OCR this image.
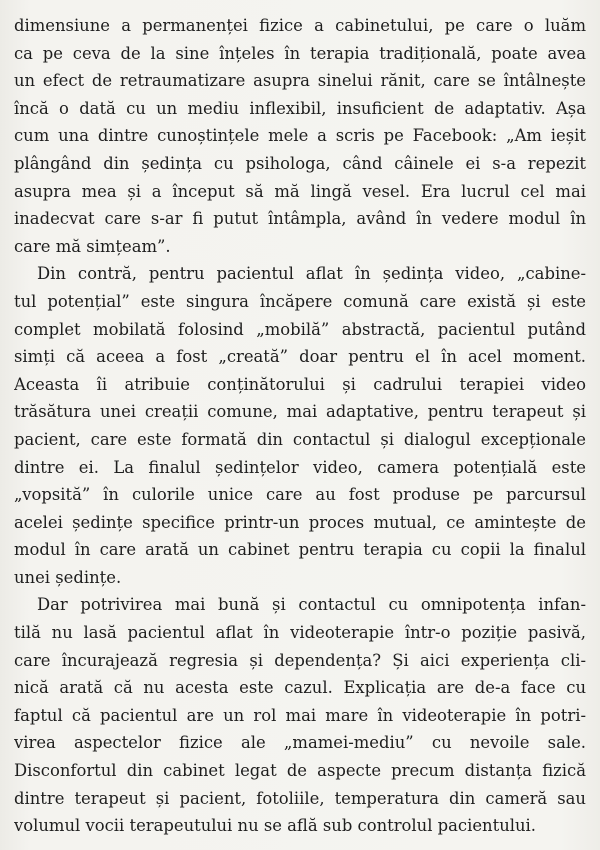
dimensiune a permanenței fizice a cabinetului, pe care o luăm
ca pe ceva de la sine înțeles în terapia tradițională, poate avea
un efect de retraumatizare asupra sinelui rănit, care se întâlnește
încă o dată cu un mediu inflexibil, insuficient de adaptativ. Așa
cum una dintre cunoștințele mele a scris pe Facebook: „Am ieșit
plângând din ședința cu psihologa, când câinele ei s-a repezit
asupra mea și a început să mă lingă vesel. Era lucrul cel mai
inadecvat care s-ar fi putut întâmpla, având în vedere modul în
care mă simțeam”.
Din contră, pentru pacientul aflat în ședința video, „cabine-
tul potențial” este singura încăpere comună care există și este
complet mobilată folosind „mobilă” abstractă, pacientul putând
simți că aceea a fost „creată” doar pentru el în acel moment.
Aceasta îi atribuie conținătorului și cadrului terapiei video
trăsătura unei creații comune, mai adaptative, pentru terapeut și
pacient, care este formată din contactul și dialogul excepționale
dintre ei. La finalul ședințelor video, camera potențială este
„vopsită” în culorile unice care au fost produse pe parcursul
acelei ședințe specifice printr-un proces mutual, ce amintește de
modul în care arată un cabinet pentru terapia cu copii la finalul
unei ședințe.
Dar potrivirea mai bună și contactul cu omnipotența infan-
tilă nu lasă pacientul aflat în videoterapie într-o poziție pasivă,
care încurajează regresia și dependența? Și aici experiența cli-
nică arată că nu acesta este cazul. Explicația are de-a face cu
faptul că pacientul are un rol mai mare în videoterapie în potri-
virea aspectelor fizice ale „mamei-mediu” cu nevoile sale.
Disconfortul din cabinet legat de aspecte precum distanța fizică
dintre terapeut și pacient, fotoliile, temperatura din cameră sau
volumul vocii terapeutului nu se află sub controlul pacientului.
